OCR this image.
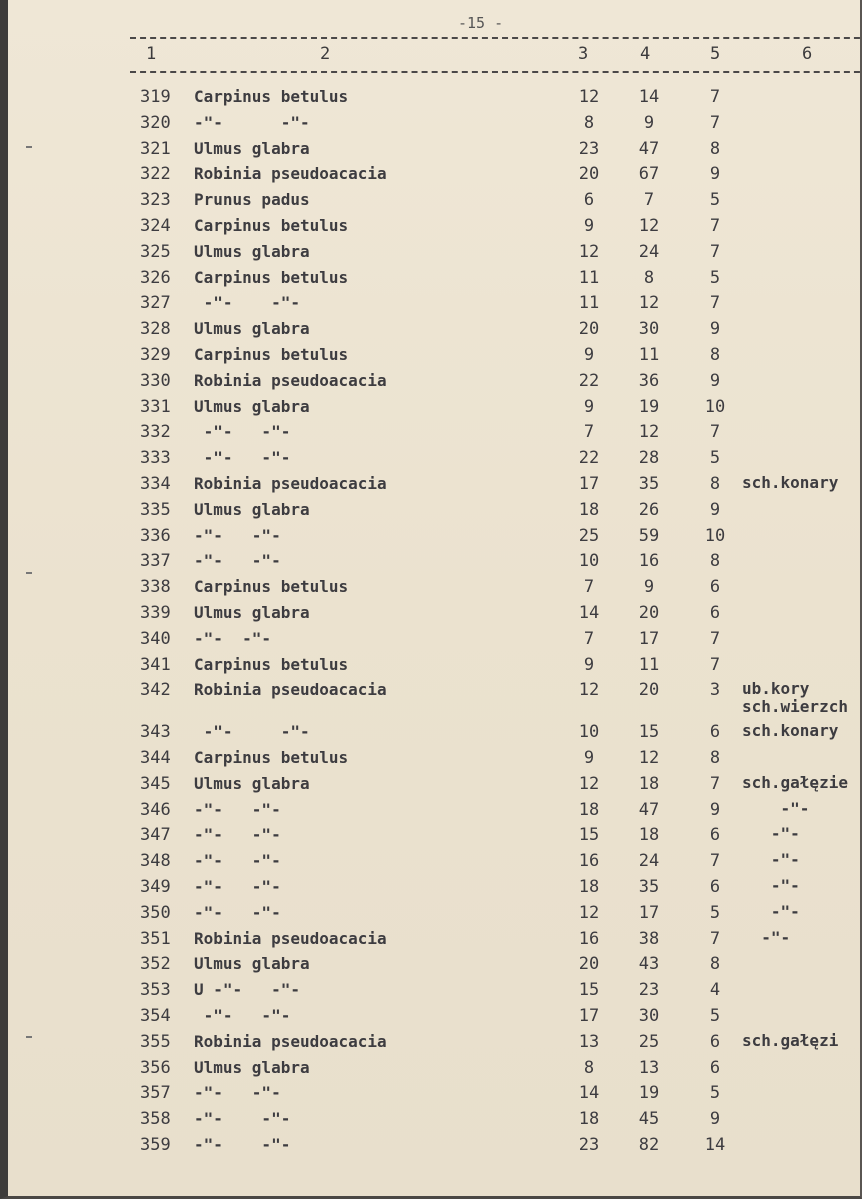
-15 -
1	2	3	4	5	6
319 Carpinus betulus	12	14	7
320 -"-      -"-	8	9	7
321 Ulmus glabra	23	47	8
322 Robinia pseudoacacia	20	67	9
323 Prunus padus	6	7	5
324 Carpinus betulus	9	12	7
325 Ulmus glabra	12	24	7
326 Carpinus betulus	11	8	5
327 -"-    -"-	11	12	7
328 Ulmus glabra	20	30	9
329 Carpinus betulus	9	11	8
330 Robinia pseudoacacia	22	36	9
331 Ulmus glabra	9	19	10
332 -"-   -"-	7	12	7
333 -"-   -"-	22	28	5
334 Robinia pseudoacacia	17	35	8	sch.konary
335 Ulmus glabra	18	26	9
336 -"-   -"-	25	59	10
337 -"-   -"-	10	16	8
338 Carpinus betulus	7	9	6
339 Ulmus glabra	14	20	6
340 -"-  -"-	7	17	7
341 Carpinus betulus	9	11	7
342 Robinia pseudoacacia	12	20	3	ub.kory
sch.wierzch
343 -"-     -"-	10	15	6	sch.konary
344 Carpinus betulus	9	12	8
345 Ulmus glabra	12	18	7	sch.gałęzie
346 -"-   -"-	18	47	9	-"-
347 -"-   -"-	15	18	6	-"-
348 -"-   -"-	16	24	7	-"-
349 -"-   -"-	18	35	6	-"-
350 -"-   -"-	12	17	5	-"-
351 Robinia pseudoacacia	16	38	7	-"-
352 Ulmus glabra	20	43	8
353 U -"-   -"-	15	23	4
354 -"-   -"-	17	30	5
355 Robinia pseudoacacia	13	25	6	sch.gałęzi
356 Ulmus glabra	8	13	6
357 -"-   -"-	14	19	5
358 -"-    -"-	18	45	9
359 -"-    -"-	23	82	14
